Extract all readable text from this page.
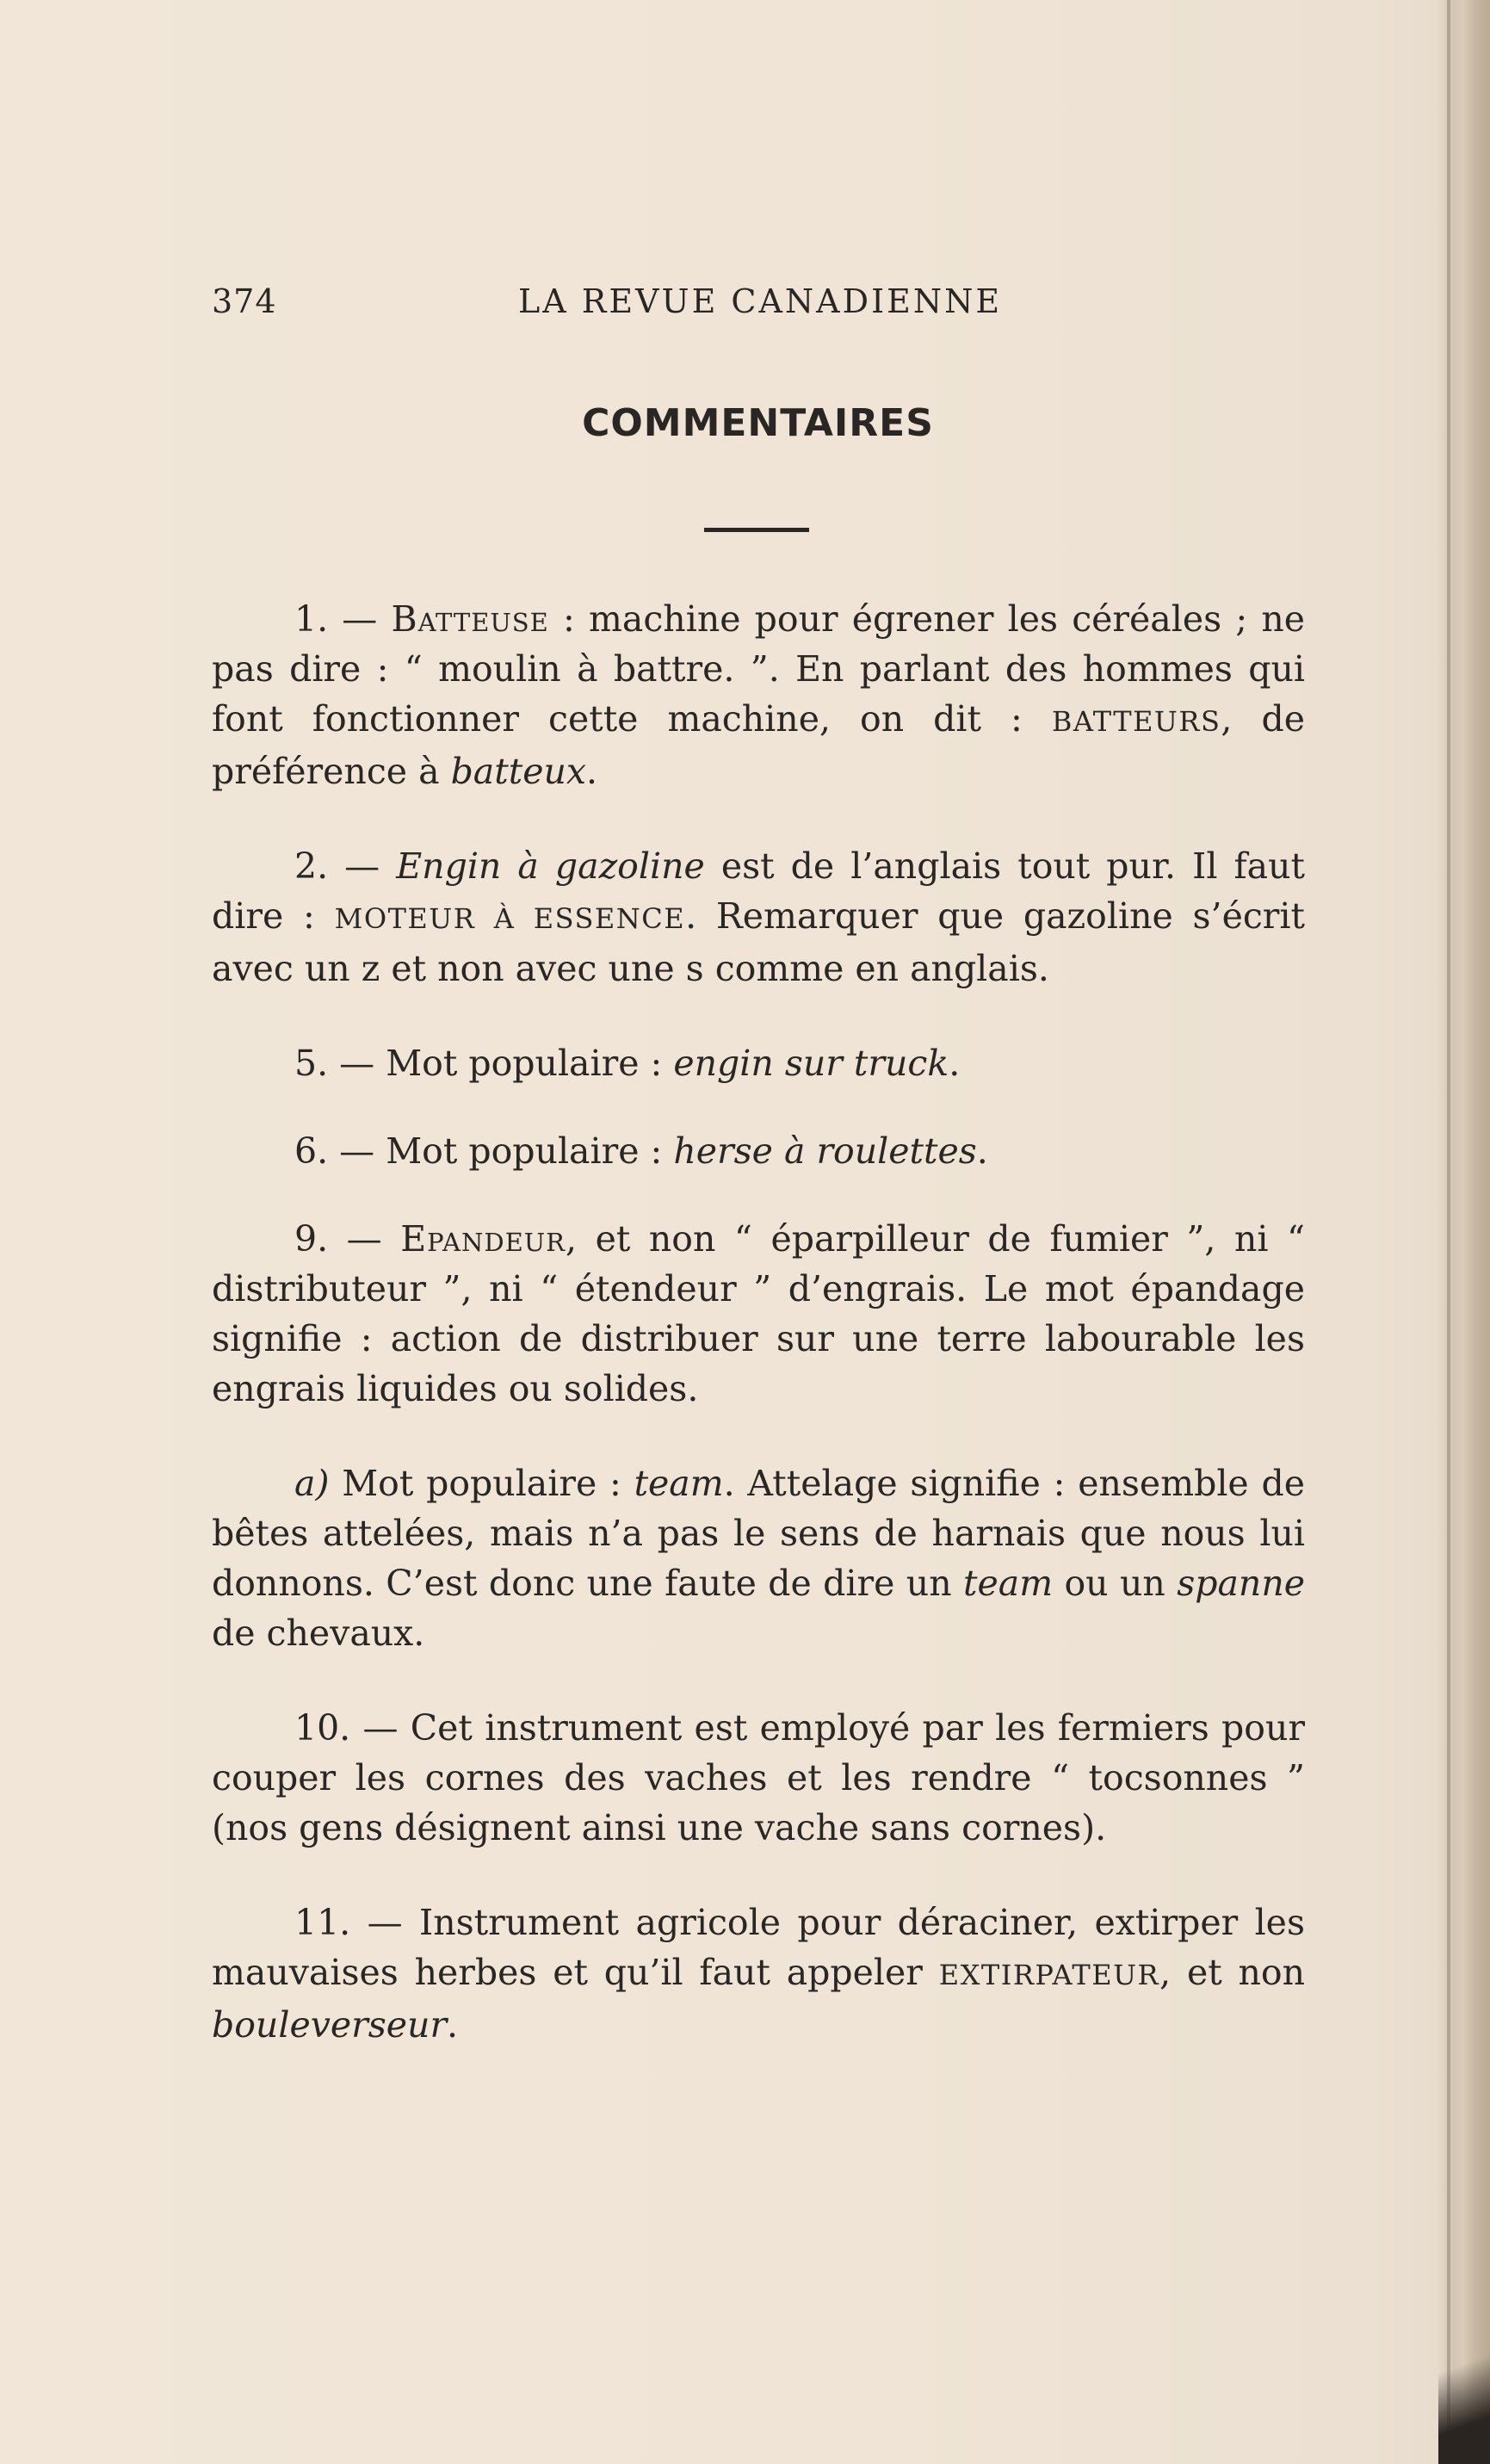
374	LA REVUE CANADIENNE
COMMENTAIRES

1. — Batteuse : machine pour égrener les céréales ; ne pas dire : “ moulin à battre. ”. En parlant des hommes qui font fonctionner cette machine, on dit : BATTEURS, de préférence à batteux.

2. — Engin à gazoline est de l’anglais tout pur. Il faut dire : MOTEUR À ESSENCE. Remarquer que gazoline s’écrit avec un z et non avec une s comme en anglais.

5. — Mot populaire : engin sur truck.

6. — Mot populaire : herse à roulettes.

9. — Epandeur, et non “ éparpilleur de fumier ”, ni “ distributeur ”, ni “ étendeur ” d’engrais. Le mot épandage signifie : action de distribuer sur une terre labourable les engrais liquides ou solides.

a) Mot populaire : team. Attelage signifie : ensemble de bêtes attelées, mais n’a pas le sens de harnais que nous lui donnons. C’est donc une faute de dire un team ou un spanne de chevaux.

10. — Cet instrument est employé par les fermiers pour couper les cornes des vaches et les rendre “ tocsonnes ” (nos gens désignent ainsi une vache sans cornes).

11. — Instrument agricole pour déraciner, extirper les mauvaises herbes et qu’il faut appeler EXTIRPATEUR, et non bouleverseur.
